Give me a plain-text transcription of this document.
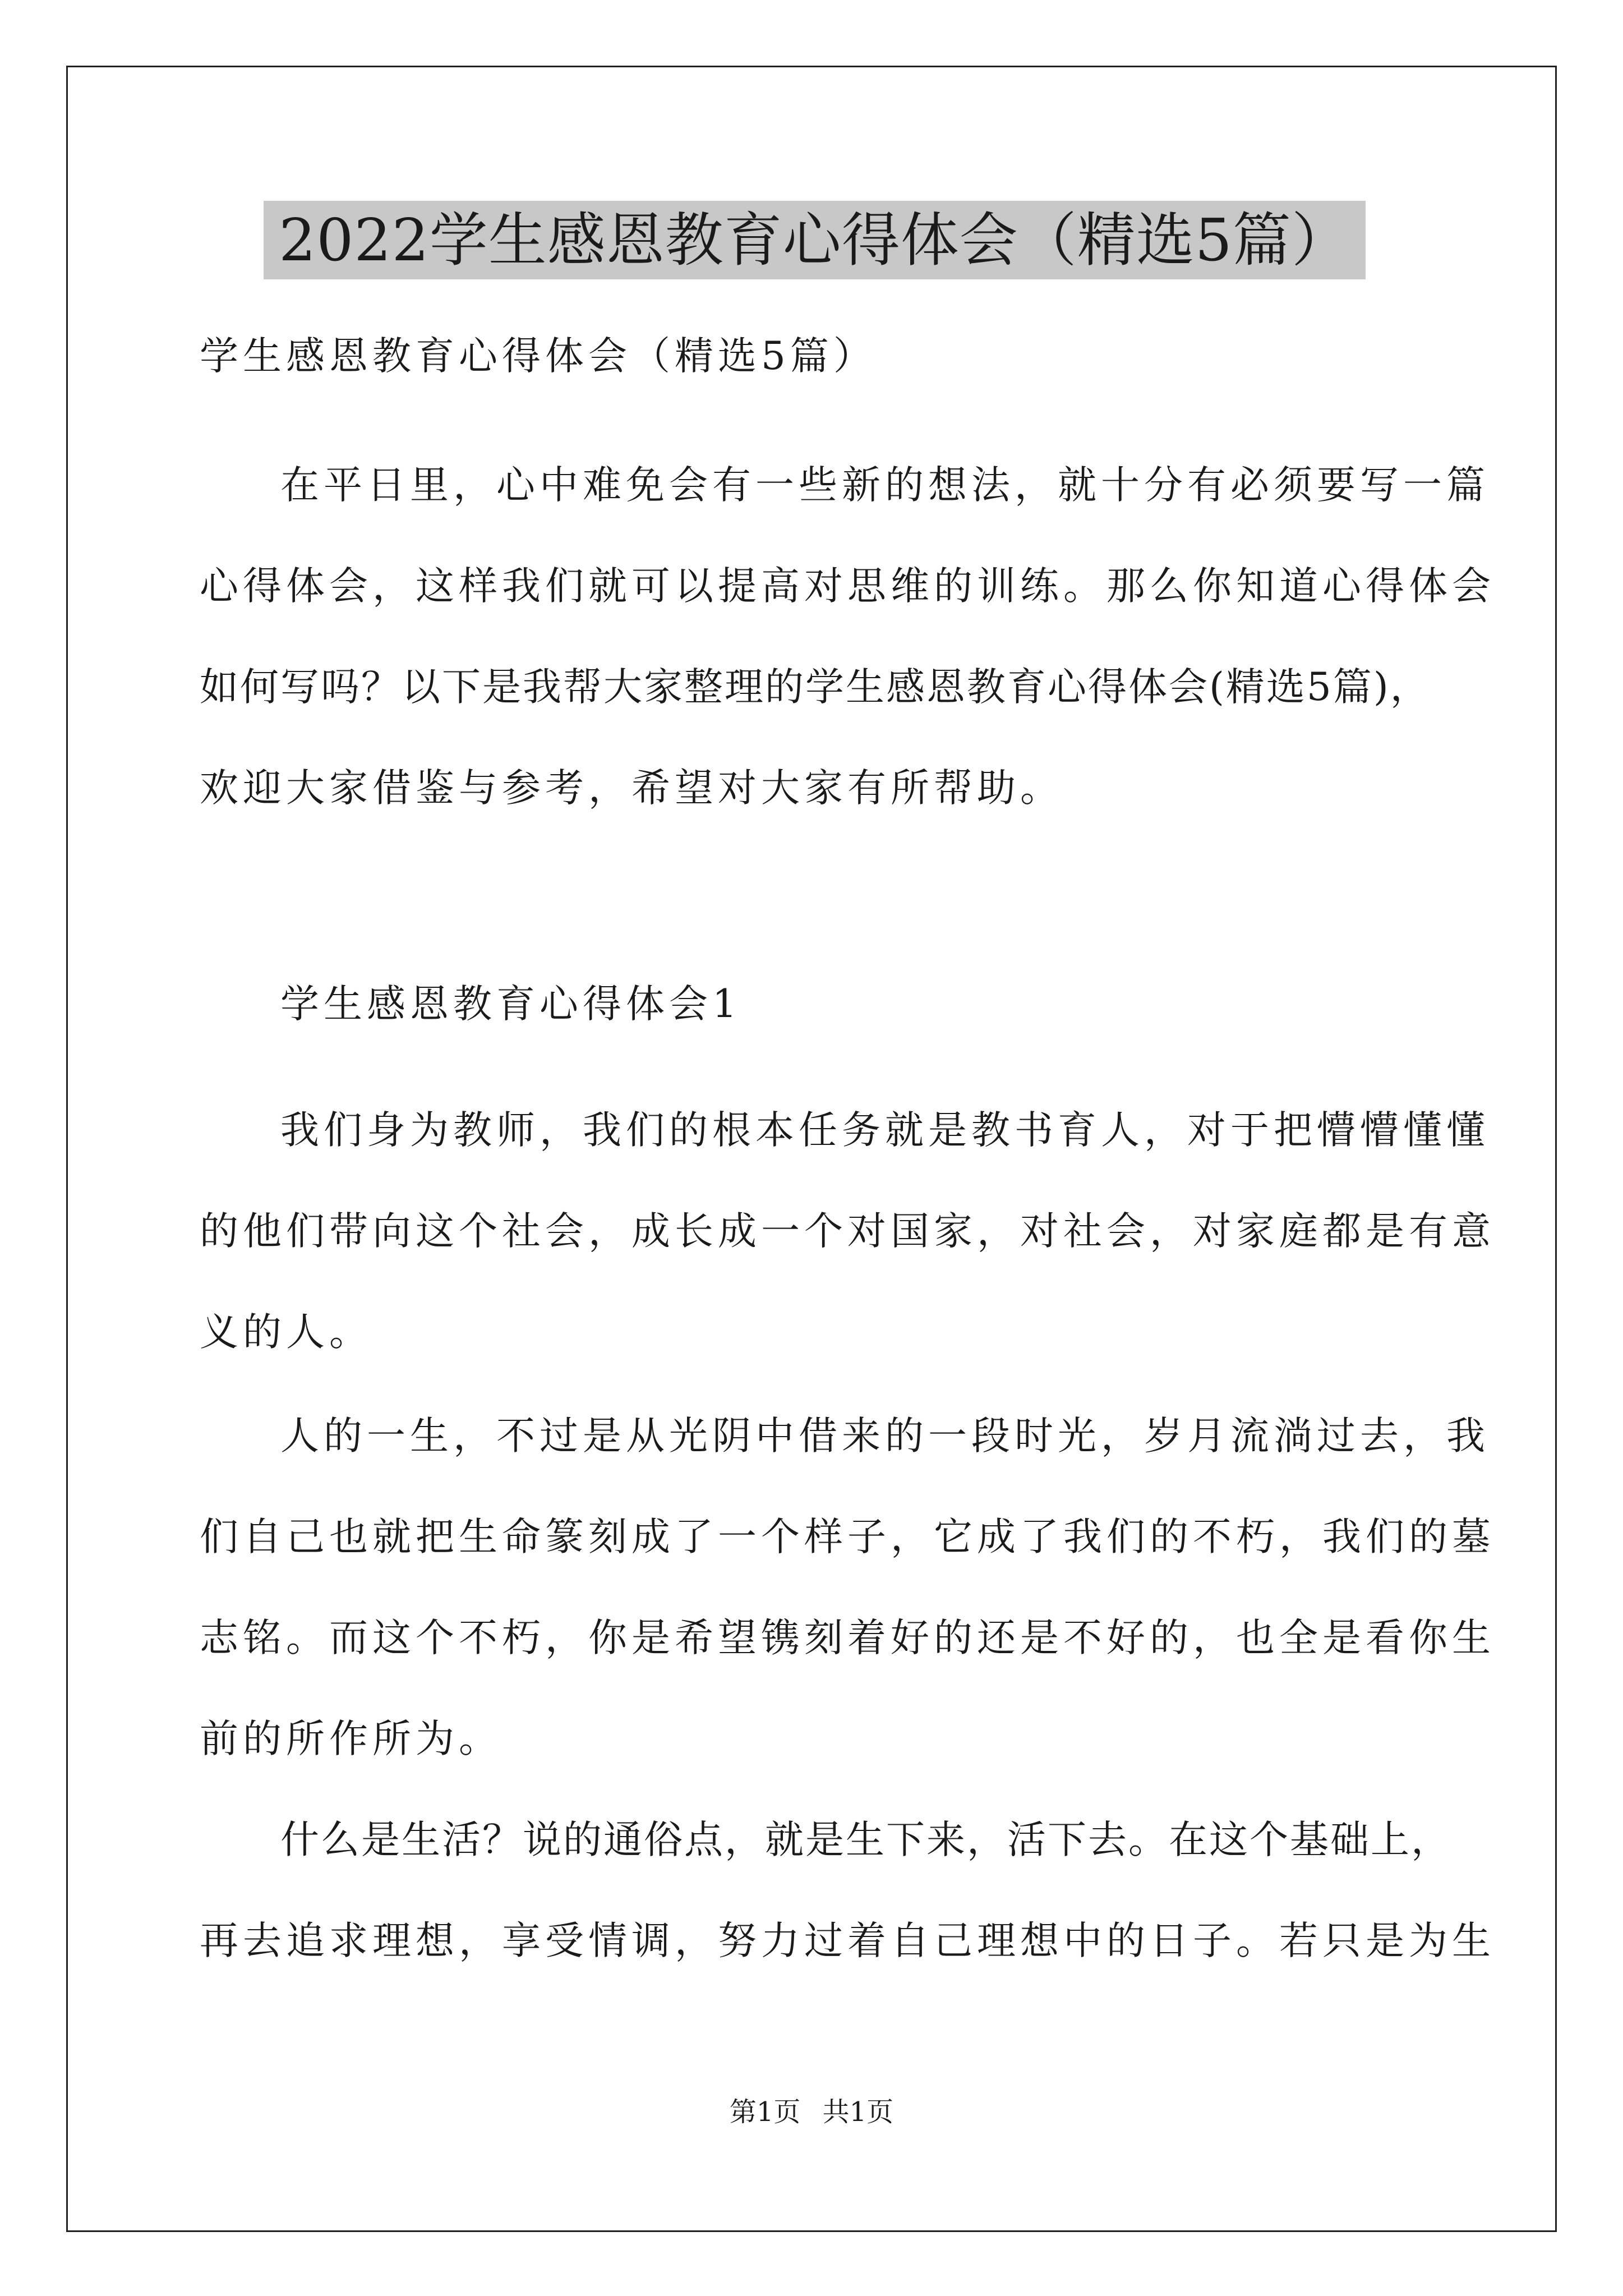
2022学生感恩教育心得体会（精选5篇）
学生感恩教育心得体会（精选5篇）
在平日里，心中难免会有一些新的想法，就十分有必须要写一篇
心得体会，这样我们就可以提高对思维的训练。那么你知道心得体会
如何写吗？以下是我帮大家整理的学生感恩教育心得体会(精选5篇)，
欢迎大家借鉴与参考，希望对大家有所帮助。
学生感恩教育心得体会1
我们身为教师，我们的根本任务就是教书育人，对于把懵懵懂懂
的他们带向这个社会，成长成一个对国家，对社会，对家庭都是有意
义的人。
人的一生，不过是从光阴中借来的一段时光，岁月流淌过去，我
们自己也就把生命篆刻成了一个样子，它成了我们的不朽，我们的墓
志铭。而这个不朽，你是希望镌刻着好的还是不好的，也全是看你生
前的所作所为。
什么是生活？说的通俗点，就是生下来，活下去。在这个基础上，
再去追求理想，享受情调，努力过着自己理想中的日子。若只是为生
第1页 共1页
